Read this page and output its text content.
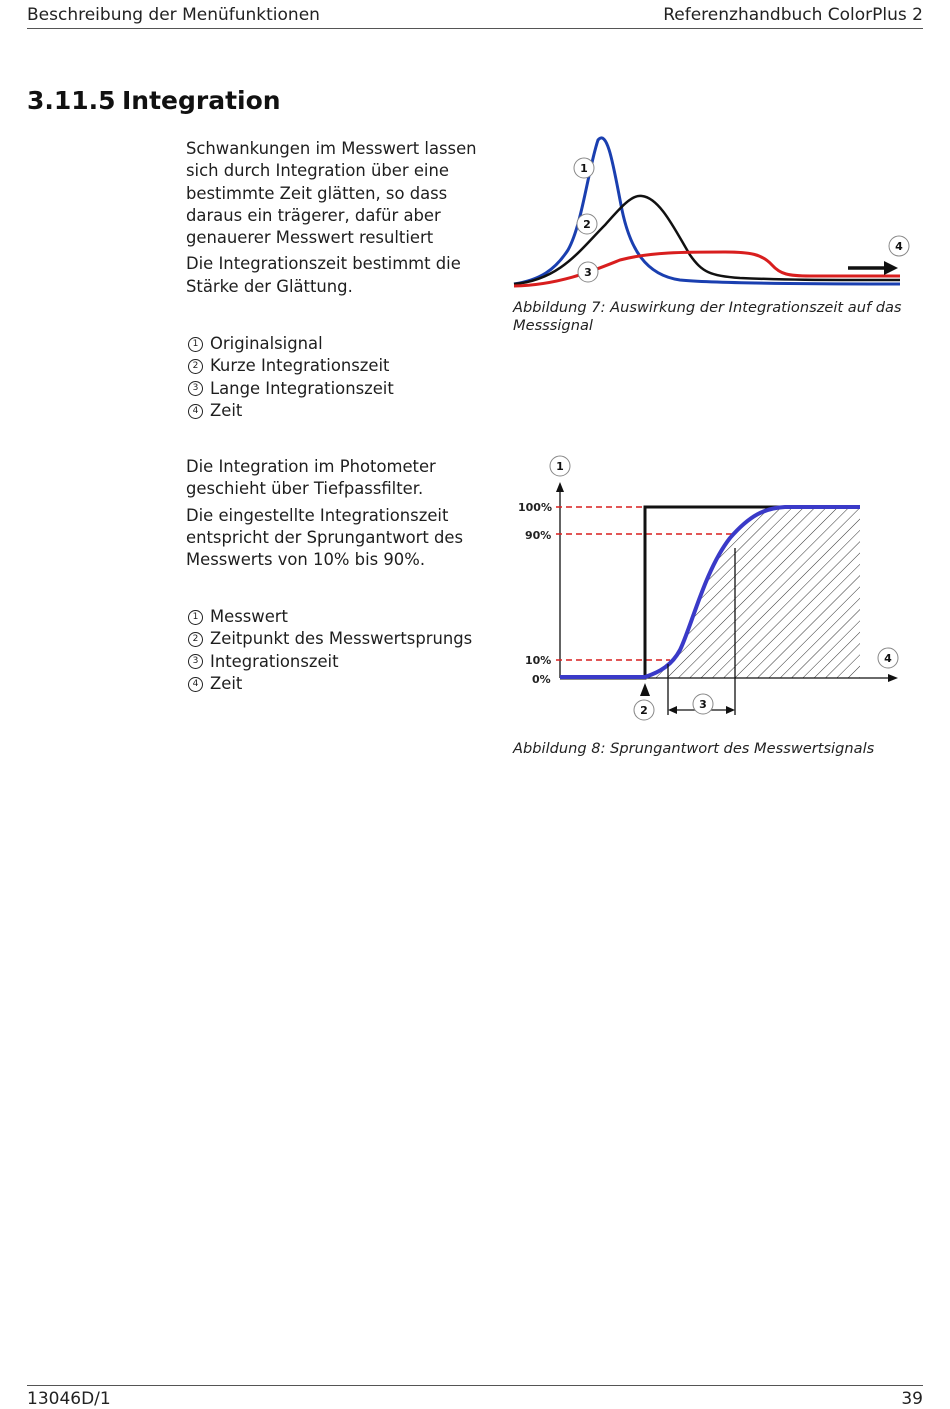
Beschreibung der Menüfunktionen	Referenzhandbuch ColorPlus 2
3.11.5 Integration

Schwankungen im Messwert lassen sich durch Integration über eine bestimmte Zeit glätten, so dass daraus ein trägerer, dafür aber genauerer Messwert resultiert

Die Integrationszeit bestimmt die Stärke der Glättung.

1 Originalsignal
2 Kurze Integrationszeit
3 Lange Integrationszeit
4 Zeit
1
2
3
4
Abbildung 7: Auswirkung der Integrationszeit auf das Messsignal

Die Integration im Photometer geschieht über Tiefpassfilter.

Die eingestellte Integrationszeit entspricht der Sprungantwort des Messwerts von 10% bis 90%.

1 Messwert
2 Zeitpunkt des Messwertsprungs
3 Integrationszeit
4 Zeit
100%
90%
10%
0%
1
2	3
4
Abbildung 8: Sprungantwort des Messwertsignals
13046D/1	39
